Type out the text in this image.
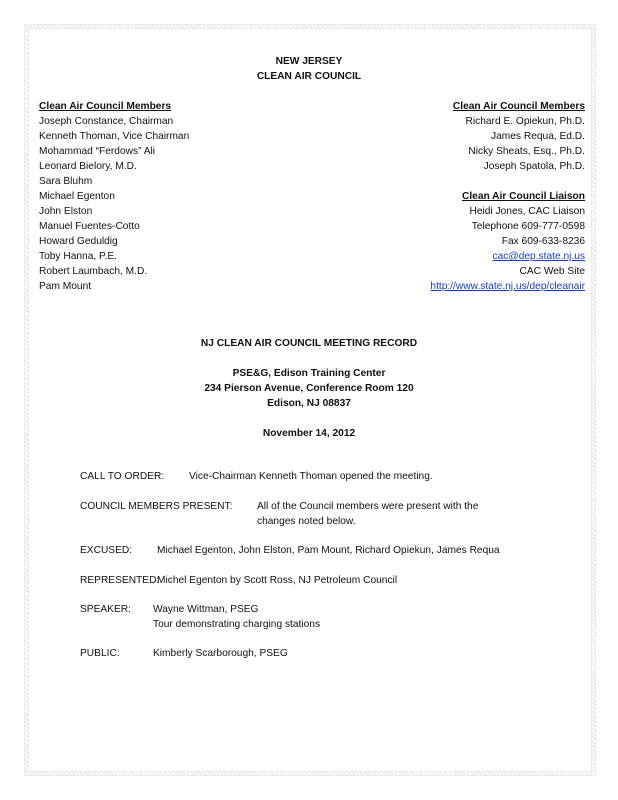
NEW JERSEY
CLEAN AIR COUNCIL
Clean Air Council Members
Joseph Constance, Chairman
Kenneth Thoman, Vice Chairman
Mohammad “Ferdows” Ali
Leonard Bielory, M.D.
Sara Bluhm
Michael Egenton
John Elston
Manuel Fuentes-Cotto
Howard Geduldig
Toby Hanna, P.E.
Robert Laumbach, M.D.
Pam Mount
Clean Air Council Members
Richard E. Opiekun, Ph.D.
James Requa, Ed.D.
Nicky Sheats, Esq., Ph.D.
Joseph Spatola, Ph.D.
Clean Air Council Liaison
Heidi Jones, CAC Liaison
Telephone 609-777-0598
Fax 609-633-8236
cac@dep.state.nj.us
CAC Web Site
http://www.state.nj.us/dep/cleanair
NJ CLEAN AIR COUNCIL MEETING RECORD
PSE&G, Edison Training Center
234 Pierson Avenue, Conference Room 120
Edison, NJ 08837
November 14, 2012
CALL TO ORDER: Vice-Chairman Kenneth Thoman opened the meeting.
COUNCIL MEMBERS PRESENT: All of the Council members were present with the
changes noted below.
EXCUSED: Michael Egenton, John Elston, Pam Mount, Richard Opiekun, James Requa
REPRESENTED:
Michel Egenton by Scott Ross, NJ Petroleum Council
SPEAKER: Wayne Wittman, PSEG
Tour demonstrating charging stations
PUBLIC:	Kimberly Scarborough, PSEG
